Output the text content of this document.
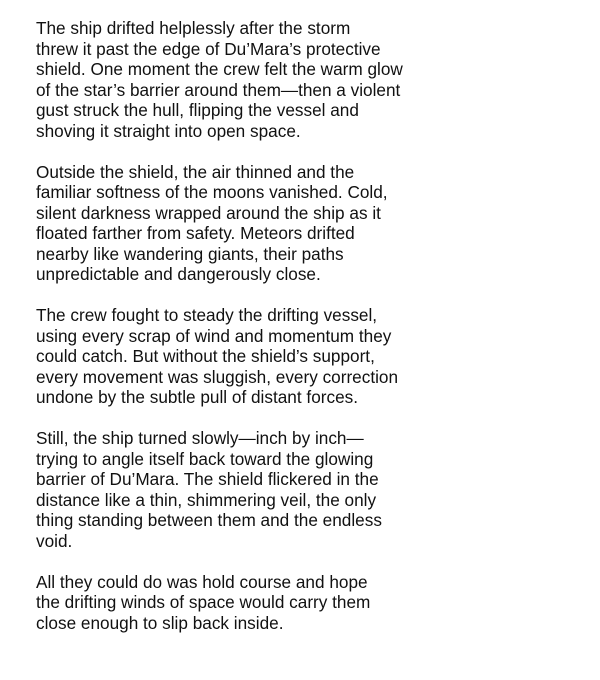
The ship drifted helplessly after the storm
threw it past the edge of Du’Mara’s protective
shield. One moment the crew felt the warm glow
of the star’s barrier around them—then a violent
gust struck the hull, flipping the vessel and
shoving it straight into open space.

Outside the shield, the air thinned and the
familiar softness of the moons vanished. Cold,
silent darkness wrapped around the ship as it
floated farther from safety. Meteors drifted
nearby like wandering giants, their paths
unpredictable and dangerously close.

The crew fought to steady the drifting vessel,
using every scrap of wind and momentum they
could catch. But without the shield’s support,
every movement was sluggish, every correction
undone by the subtle pull of distant forces.

Still, the ship turned slowly—inch by inch—
trying to angle itself back toward the glowing
barrier of Du’Mara. The shield flickered in the
distance like a thin, shimmering veil, the only
thing standing between them and the endless
void.

All they could do was hold course and hope
the drifting winds of space would carry them
close enough to slip back inside.
